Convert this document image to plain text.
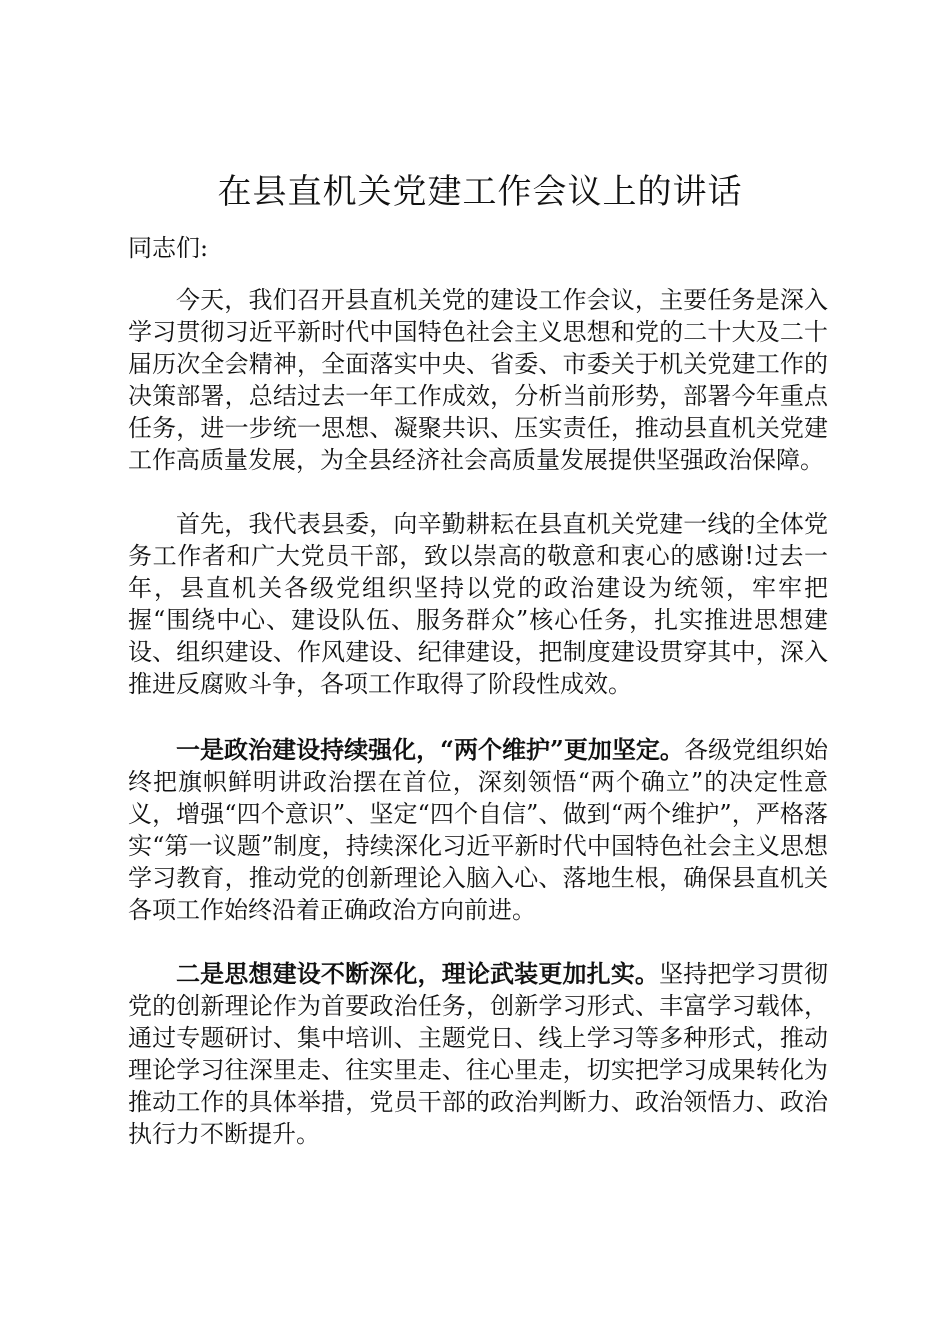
在县直机关党建工作会议上的讲话
同志们:

今天，我们召开县直机关党的建设工作会议，主要任务是深入学习贯彻习近平新时代中国特色社会主义思想和党的二十大及二十届历次全会精神，全面落实中央、省委、市委关于机关党建工作的决策部署，总结过去一年工作成效，分析当前形势，部署今年重点任务，进一步统一思想、凝聚共识、压实责任，推动县直机关党建工作高质量发展，为全县经济社会高质量发展提供坚强政治保障。

首先，我代表县委，向辛勤耕耘在县直机关党建一线的全体党务工作者和广大党员干部，致以崇高的敬意和衷心的感谢!过去一年，县直机关各级党组织坚持以党的政治建设为统领，牢牢把握“围绕中心、建设队伍、服务群众”核心任务，扎实推进思想建设、组织建设、作风建设、纪律建设，把制度建设贯穿其中，深入推进反腐败斗争，各项工作取得了阶段性成效。

一是政治建设持续强化，“两个维护”更加坚定。各级党组织始终把旗帜鲜明讲政治摆在首位，深刻领悟“两个确立”的决定性意义，增强“四个意识”、坚定“四个自信”、做到“两个维护”，严格落实“第一议题”制度，持续深化习近平新时代中国特色社会主义思想学习教育，推动党的创新理论入脑入心、落地生根，确保县直机关各项工作始终沿着正确政治方向前进。

二是思想建设不断深化，理论武装更加扎实。坚持把学习贯彻党的创新理论作为首要政治任务，创新学习形式、丰富学习载体，通过专题研讨、集中培训、主题党日、线上学习等多种形式，推动理论学习往深里走、往实里走、往心里走，切实把学习成果转化为推动工作的具体举措，党员干部的政治判断力、政治领悟力、政治执行力不断提升。
